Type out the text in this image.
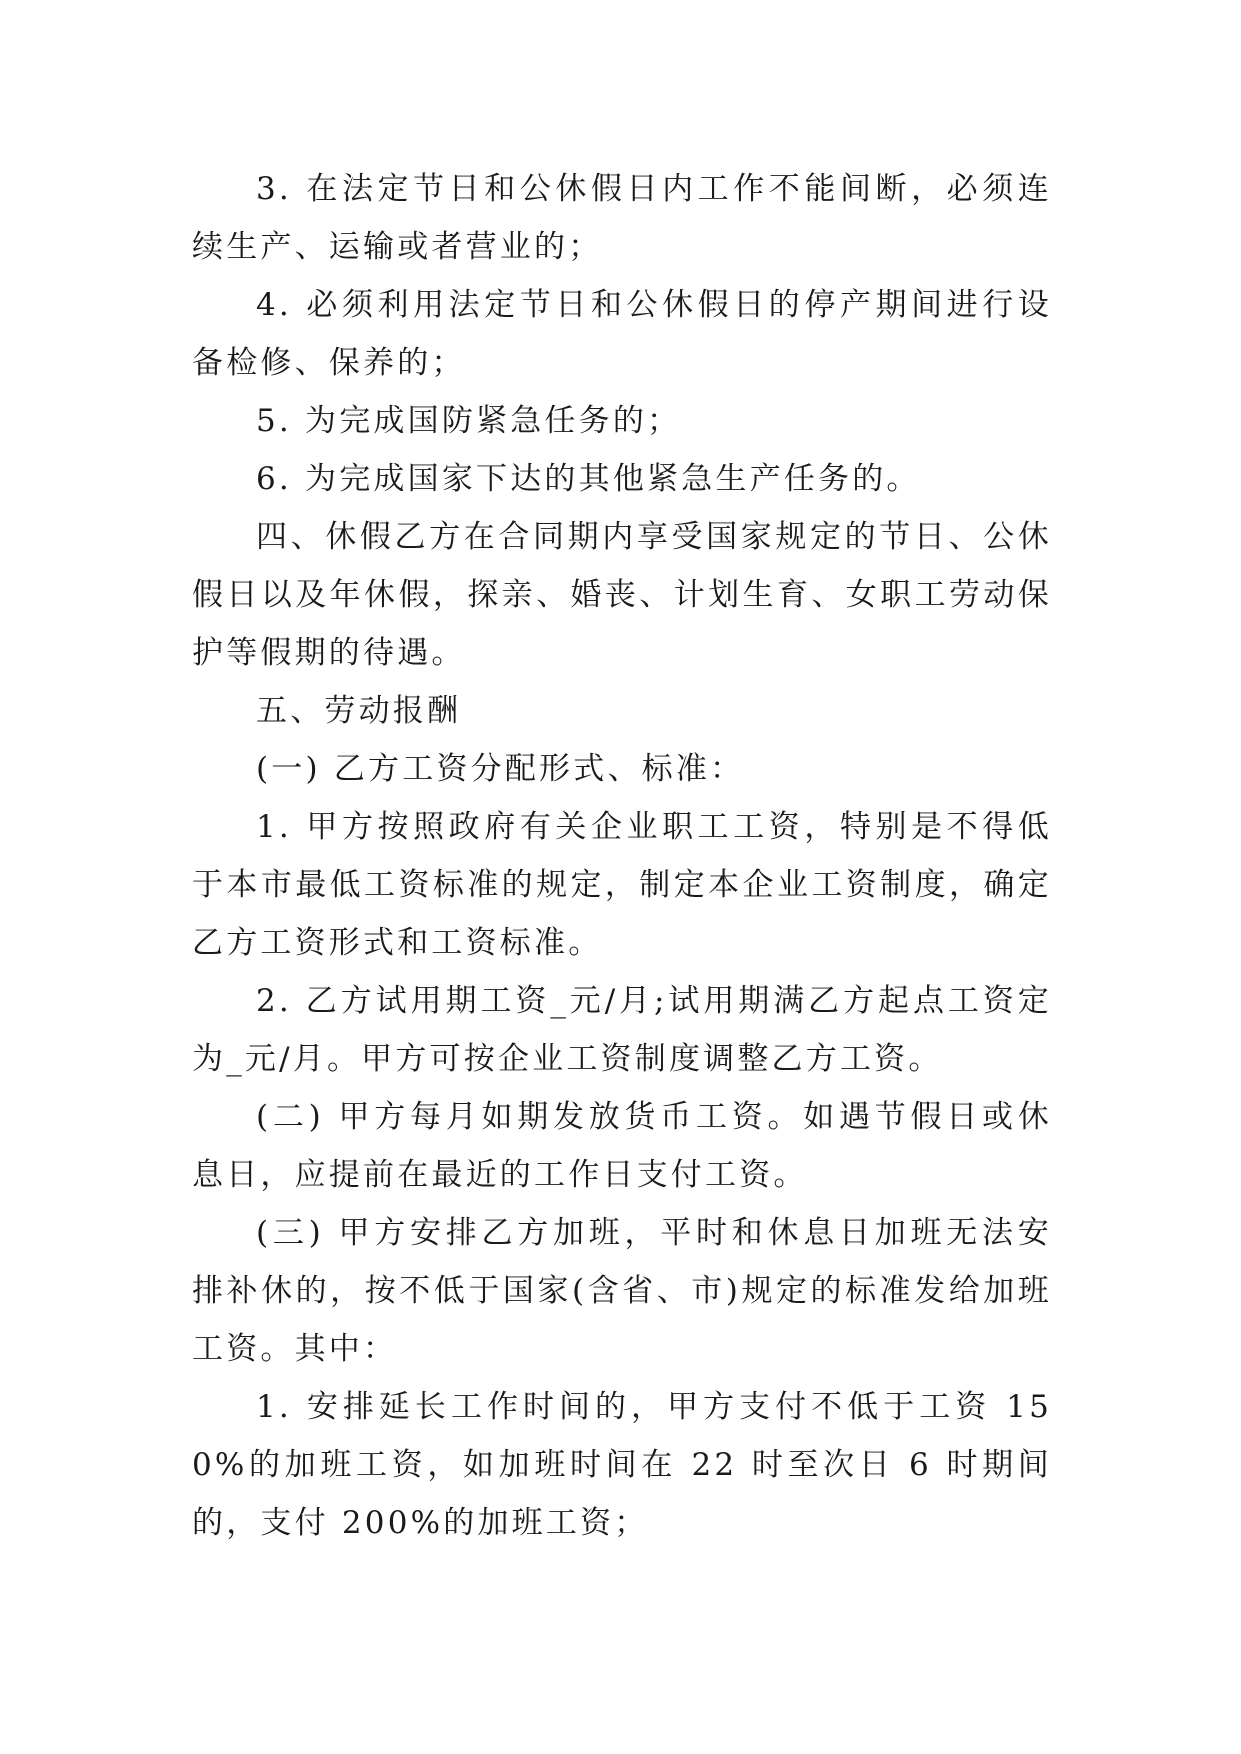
3. 在法定节日和公休假日内工作不能间断，必须连续生产、运输或者营业的；

4. 必须利用法定节日和公休假日的停产期间进行设备检修、保养的；

5. 为完成国防紧急任务的；

6. 为完成国家下达的其他紧急生产任务的。

四、休假乙方在合同期内享受国家规定的节日、公休假日以及年休假，探亲、婚丧、计划生育、女职工劳动保护等假期的待遇。

五、劳动报酬

(一) 乙方工资分配形式、标准：

1. 甲方按照政府有关企业职工工资，特别是不得低于本市最低工资标准的规定，制定本企业工资制度，确定乙方工资形式和工资标准。

2. 乙方试用期工资_元/月;试用期满乙方起点工资定为_元/月。甲方可按企业工资制度调整乙方工资。

(二) 甲方每月如期发放货币工资。如遇节假日或休息日，应提前在最近的工作日支付工资。

(三) 甲方安排乙方加班，平时和休息日加班无法安排补休的，按不低于国家(含省、市)规定的标准发给加班工资。其中：

1. 安排延长工作时间的，甲方支付不低于工资 150%的加班工资，如加班时间在 22 时至次日 6 时期间的，支付 200%的加班工资；
